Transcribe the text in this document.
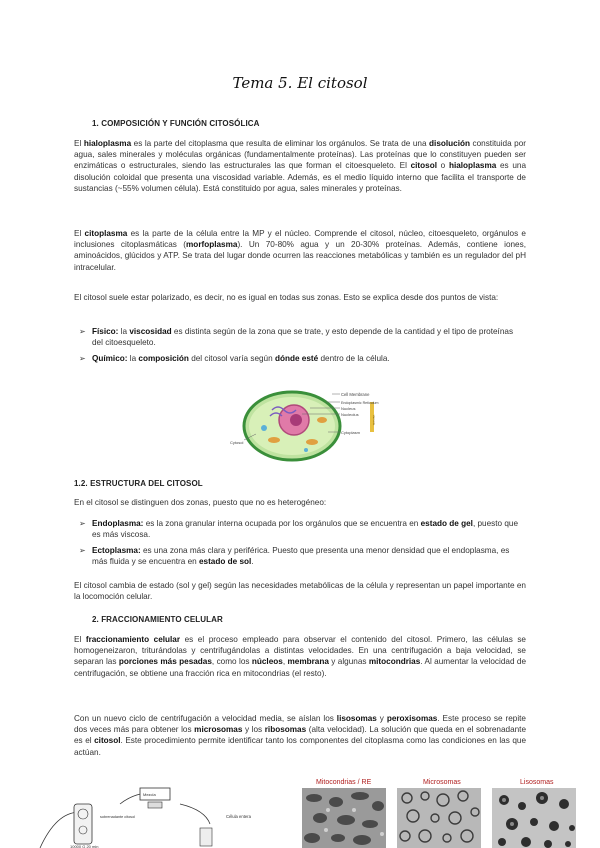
Tema 5. El citosol
1. COMPOSICIÓN Y FUNCIÓN CITOSÓLICA
El hialoplasma es la parte del citoplasma que resulta de eliminar los orgánulos. Se trata de una disolución constituida por agua, sales minerales y moléculas orgánicas (fundamentalmente proteínas). Las proteínas que lo constituyen pueden ser enzimáticas o estructurales, siendo las estructurales las que forman el citoesqueleto. El citosol o hialoplasma es una disolución coloidal que presenta una viscosidad variable. Además, es el medio líquido interno que facilita el transporte de sustancias (~55% volumen célula). Está constituido por agua, sales minerales y proteínas.
El citoplasma es la parte de la célula entre la MP y el núcleo. Comprende el citosol, núcleo, citoesqueleto, orgánulos e inclusiones citoplasmáticas (morfoplasma). Un 70-80% agua y un 20-30% proteínas. Además, contiene iones, aminoácidos, glúcidos y ATP. Se trata del lugar donde ocurren las reacciones metabólicas y también es un regulador del pH intracelular.
El citosol suele estar polarizado, es decir, no es igual en todas sus zonas. Esto se explica desde dos puntos de vista:
➢ Físico: la viscosidad es distinta según de la zona que se trate, y esto depende de la cantidad y el tipo de proteínas del citoesqueleto.
➢ Químico: la composición del citosol varía según dónde esté dentro de la célula.
Cell Membrane
Endoplasmic Reticulum
Nucleus
Nucleolus
Cytoplasm
Cytosol
Vacuole
1.2. ESTRUCTURA DEL CITOSOL
En el citosol se distinguen dos zonas, puesto que no es heterogéneo:
➢ Endoplasma: es la zona granular interna ocupada por los orgánulos que se encuentra en estado de gel, puesto que es más viscosa.
➢ Ectoplasma: es una zona más clara y periférica. Puesto que presenta una menor densidad que el endoplasma, es más fluida y se encuentra en estado de sol.
El citosol cambia de estado (sol y gel) según las necesidades metabólicas de la célula y representan un papel importante en la locomoción celular.
2. FRACCIONAMIENTO CELULAR
El fraccionamiento celular es el proceso empleado para observar el contenido del citosol. Primero, las células se homogeneizaron, triturándolas y centrifugándolas a distintas velocidades. En una centrifugación a baja velocidad, se separan las porciones más pesadas, como los núcleos, membrana y algunas mitocondrias. Al aumentar la velocidad de centrifugación, se obtiene una fracción rica en mitocondrias (el resto).
Con un nuevo ciclo de centrifugación a velocidad media, se aíslan los lisosomas y peroxisomas. Este proceso se repite dos veces más para obtener los microsomas y los ribosomas (alta velocidad). La solución que queda en el sobrenadante es el citosol. Este procedimiento permite identificar tanto los componentes del citoplasma como las condiciones en las que actúan.
Mezcla
Célula entera
sobrenadante citosol
10000 G 20 min
Mitocondrias / RE	Microsomas	Lisosomas
